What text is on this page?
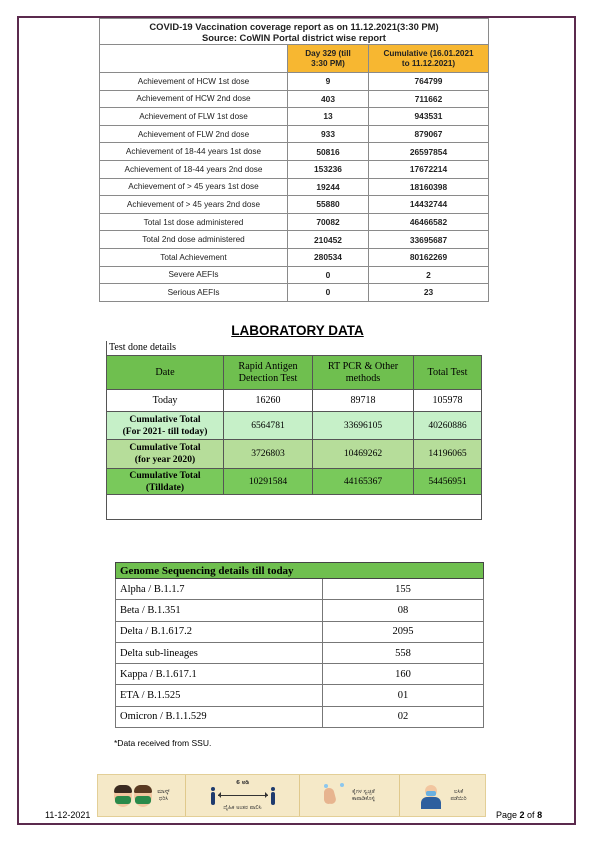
COVID-19 Vaccination coverage report as on 11.12.2021(3:30 PM)
Source: CoWIN Portal district wise report		
	Day 329 (till
3:30 PM)	Cumulative (16.01.2021
to 11.12.2021)
Achievement of HCW 1st dose	9	764799
Achievement of HCW 2nd dose	403	711662
Achievement of FLW 1st dose	13	943531
Achievement of FLW 2nd dose	933	879067
Achievement of 18-44 years 1st dose	50816	26597854
Achievement of 18-44 years 2nd dose	153236	17672214
Achievement of > 45 years 1st dose	19244	18160398
Achievement of > 45 years 2nd dose	55880	14432744
Total 1st dose administered	70082	46466582
Total 2nd dose administered	210452	33695687
Total Achievement	280534	80162269
Severe AEFIs	0	2
Serious AEFIs	0	23
LABORATORY DATA
Test done details			
Date	Rapid Antigen
Detection Test	RT PCR & Other
methods	Total Test
Today	16260	89718	105978
Cumulative Total
(For 2021- till today)	6564781	33696105	40260886
Cumulative Total
(for year 2020)	3726803	10469262	14196065
Cumulative Total
(Tilldate)	10291584	44165367	54456951

Genome Sequencing details till today	
Alpha / B.1.1.7	155
Beta / B.1.351	08
Delta / B.1.617.2	2095
Delta sub-lineages	558
Kappa / B.1.617.1	160
ETA / B.1.525	01
Omicron / B.1.1.529	02
*Data received from SSU.
ಮಾಸ್ಕ್
ಧರಿಸಿ
6 ಅಡಿ
ದೈಹಿಕ ಅಂತರ ಪಾಲಿಸಿ
ಕೈಗಳ ಸ್ವಚ್ಛತೆ
ಕಾಪಾಡಿಕೊಳ್ಳಿ
ಲಸಿಕೆ
ಪಡೆಯಿರಿ
11-12-2021	Page 2 of 8
